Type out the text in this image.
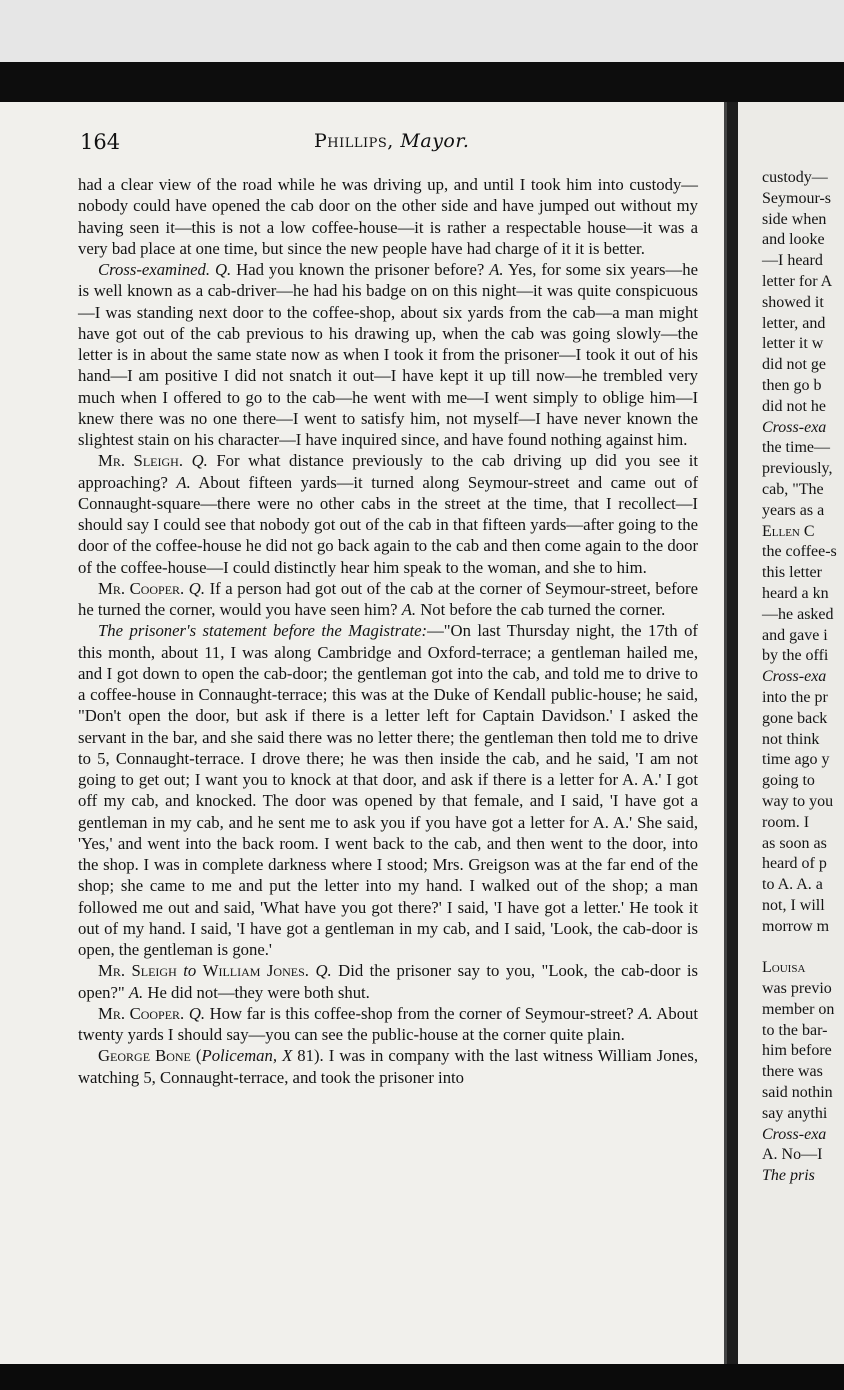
164	Phillips, Mayor.

had a clear view of the road while he was driving up, and until I took him into custody—nobody could have opened the cab door on the other side and have jumped out without my having seen it—this is not a low coffee-house—it is rather a respectable house—it was a very bad place at one time, but since the new people have had charge of it it is better.

Cross-examined. Q. Had you known the prisoner before? A. Yes, for some six years—he is well known as a cab-driver—he had his badge on on this night—it was quite conspicuous—I was standing next door to the coffee-shop, about six yards from the cab—a man might have got out of the cab previous to his drawing up, when the cab was going slowly—the letter is in about the same state now as when I took it from the prisoner—I took it out of his hand—I am positive I did not snatch it out—I have kept it up till now—he trembled very much when I offered to go to the cab—he went with me—I went simply to oblige him—I knew there was no one there—I went to satisfy him, not myself—I have never known the slightest stain on his character—I have inquired since, and have found nothing against him.

Mr. Sleigh. Q. For what distance previously to the cab driving up did you see it approaching? A. About fifteen yards—it turned along Seymour-street and came out of Connaught-square—there were no other cabs in the street at the time, that I recollect—I should say I could see that nobody got out of the cab in that fifteen yards—after going to the door of the coffee-house he did not go back again to the cab and then come again to the door of the coffee-house—I could distinctly hear him speak to the woman, and she to him.

Mr. Cooper. Q. If a person had got out of the cab at the corner of Seymour-street, before he turned the corner, would you have seen him? A. Not before the cab turned the corner.

The prisoner's statement before the Magistrate:—"On last Thursday night, the 17th of this month, about 11, I was along Cambridge and Oxford-terrace; a gentleman hailed me, and I got down to open the cab-door; the gentleman got into the cab, and told me to drive to a coffee-house in Connaught-terrace; this was at the Duke of Kendall public-house; he said, "Don't open the door, but ask if there is a letter left for Captain Davidson.' I asked the servant in the bar, and she said there was no letter there; the gentleman then told me to drive to 5, Connaught-terrace. I drove there; he was then inside the cab, and he said, 'I am not going to get out; I want you to knock at that door, and ask if there is a letter for A. A.' I got off my cab, and knocked. The door was opened by that female, and I said, 'I have got a gentleman in my cab, and he sent me to ask you if you have got a letter for A. A.' She said, 'Yes,' and went into the back room. I went back to the cab, and then went to the door, into the shop. I was in complete darkness where I stood; Mrs. Greigson was at the far end of the shop; she came to me and put the letter into my hand. I walked out of the shop; a man followed me out and said, 'What have you got there?' I said, 'I have got a letter.' He took it out of my hand. I said, 'I have got a gentleman in my cab, and I said, 'Look, the cab-door is open, the gentleman is gone.'

Mr. Sleigh to William Jones. Q. Did the prisoner say to you, "Look, the cab-door is open?" A. He did not—they were both shut.

Mr. Cooper. Q. How far is this coffee-shop from the corner of Seymour-street? A. About twenty yards I should say—you can see the public-house at the corner quite plain.

George Bone (Policeman, X 81). I was in company with the last witness William Jones, watching 5, Connaught-terrace, and took the prisoner into

custody—
Seymour-s
side when
and looke
—I heard
letter for A
showed it
letter, and
letter it w
did not ge
then go b
did not he
Cross-exa
the time—
previously,
cab, "The
years as a
Ellen C
the coffee-s
this letter
heard a kn
—he asked
and gave i
by the offi
Cross-exa
into the pr
gone back
not think
time ago y
going to
way to you
room. I
as soon as
heard of p
to A. A. a
not, I will
morrow m
Louisa
was previo
member on
to the bar-
him before
there was
said nothin
say anythi
Cross-exa
A. No—I
The pris
